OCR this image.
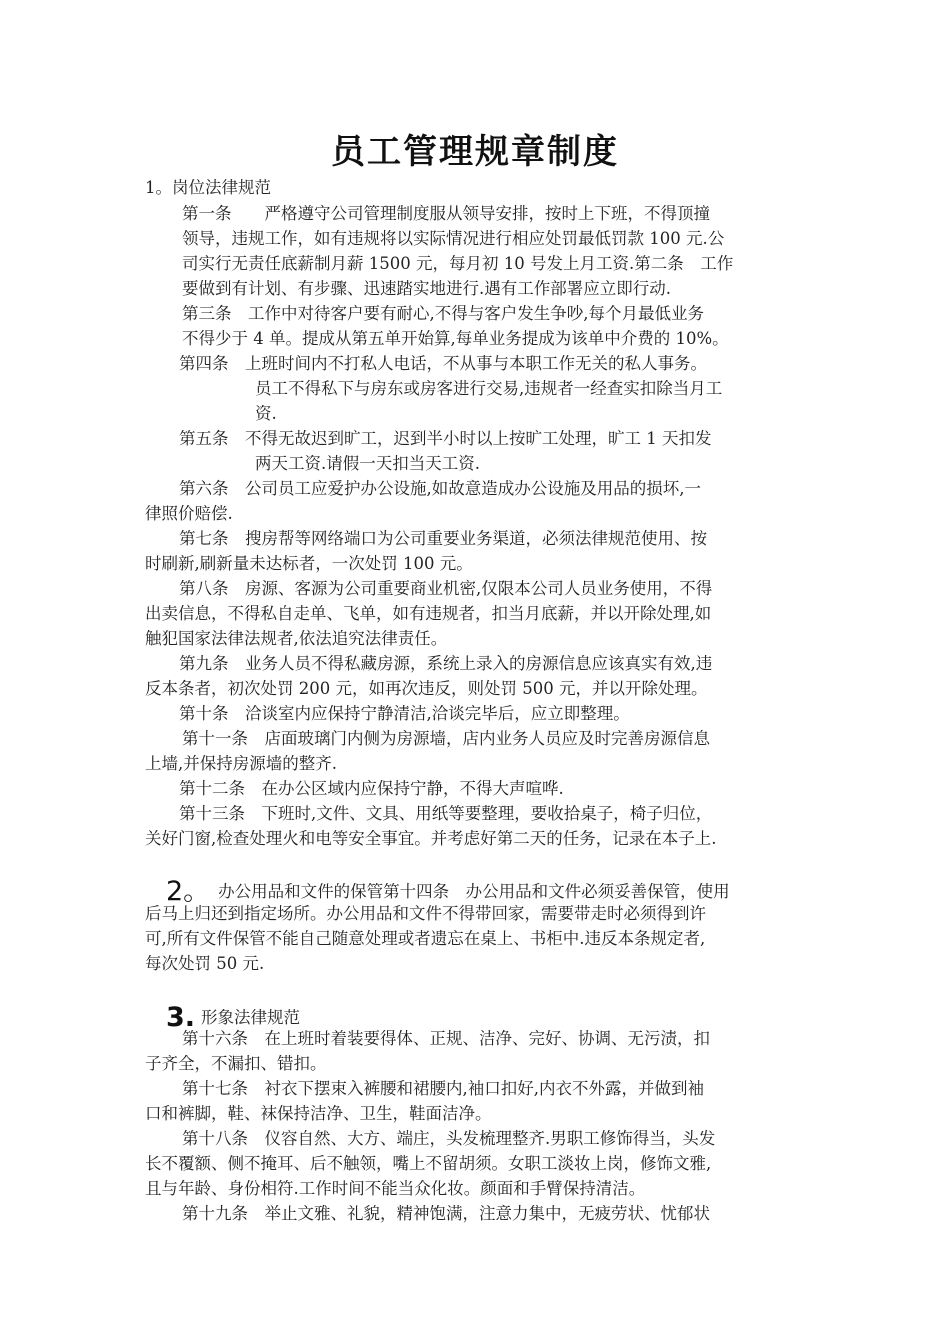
员工管理规章制度
1。岗位法律规范
第一条　　严格遵守公司管理制度服从领导安排，按时上下班，不得顶撞
领导，违规工作，如有违规将以实际情况进行相应处罚最低罚款 100 元.公
司实行无责任底薪制月薪 1500 元，每月初 10 号发上月工资.第二条　工作
要做到有计划、有步骤、迅速踏实地进行.遇有工作部署应立即行动.
第三条　工作中对待客户要有耐心,不得与客户发生争吵,每个月最低业务
不得少于 4 单。提成从第五单开始算,每单业务提成为该单中介费的 10%。
第四条　上班时间内不打私人电话，不从事与本职工作无关的私人事务。
员工不得私下与房东或房客进行交易,违规者一经查实扣除当月工
资.
第五条　不得无故迟到旷工，迟到半小时以上按旷工处理，旷工 1 天扣发
两天工资.请假一天扣当天工资.
第六条　公司员工应爱护办公设施,如故意造成办公设施及用品的损坏,一
律照价赔偿.
第七条　搜房帮等网络端口为公司重要业务渠道，必须法律规范使用、按
时刷新,刷新量未达标者，一次处罚 100 元。
第八条　房源、客源为公司重要商业机密,仅限本公司人员业务使用，不得
出卖信息，不得私自走单、飞单，如有违规者，扣当月底薪，并以开除处理,如
触犯国家法律法规者,依法追究法律责任。
第九条　业务人员不得私藏房源，系统上录入的房源信息应该真实有效,违
反本条者，初次处罚 200 元，如再次违反，则处罚 500 元，并以开除处理。
第十条　洽谈室内应保持宁静清洁,洽谈完毕后，应立即整理。
第十一条　店面玻璃门内侧为房源墙，店内业务人员应及时完善房源信息
上墙,并保持房源墙的整齐.
第十二条　在办公区域内应保持宁静，不得大声喧哗.
第十三条　下班时,文件、文具、用纸等要整理，要收拾桌子，椅子归位，
关好门窗,检查处理火和电等安全事宜。并考虑好第二天的任务，记录在本子上.

2。 办公用品和文件的保管第十四条　办公用品和文件必须妥善保管，使用

后马上归还到指定场所。办公用品和文件不得带回家，需要带走时必须得到许
可,所有文件保管不能自己随意处理或者遗忘在桌上、书柜中.违反本条规定者,
每次处罚 50 元.

3. 形象法律规范

第十六条　在上班时着装要得体、正规、洁净、完好、协调、无污渍，扣
子齐全，不漏扣、错扣。
第十七条　衬衣下摆束入裤腰和裙腰内,袖口扣好,内衣不外露，并做到袖
口和裤脚，鞋、袜保持洁净、卫生，鞋面洁净。
第十八条　仪容自然、大方、端庄，头发梳理整齐.男职工修饰得当，头发
长不覆额、侧不掩耳、后不触领，嘴上不留胡须。女职工淡妆上岗，修饰文雅,
且与年龄、身份相符.工作时间不能当众化妆。颜面和手臂保持清洁。
第十九条　举止文雅、礼貌，精神饱满，注意力集中，无疲劳状、忧郁状
